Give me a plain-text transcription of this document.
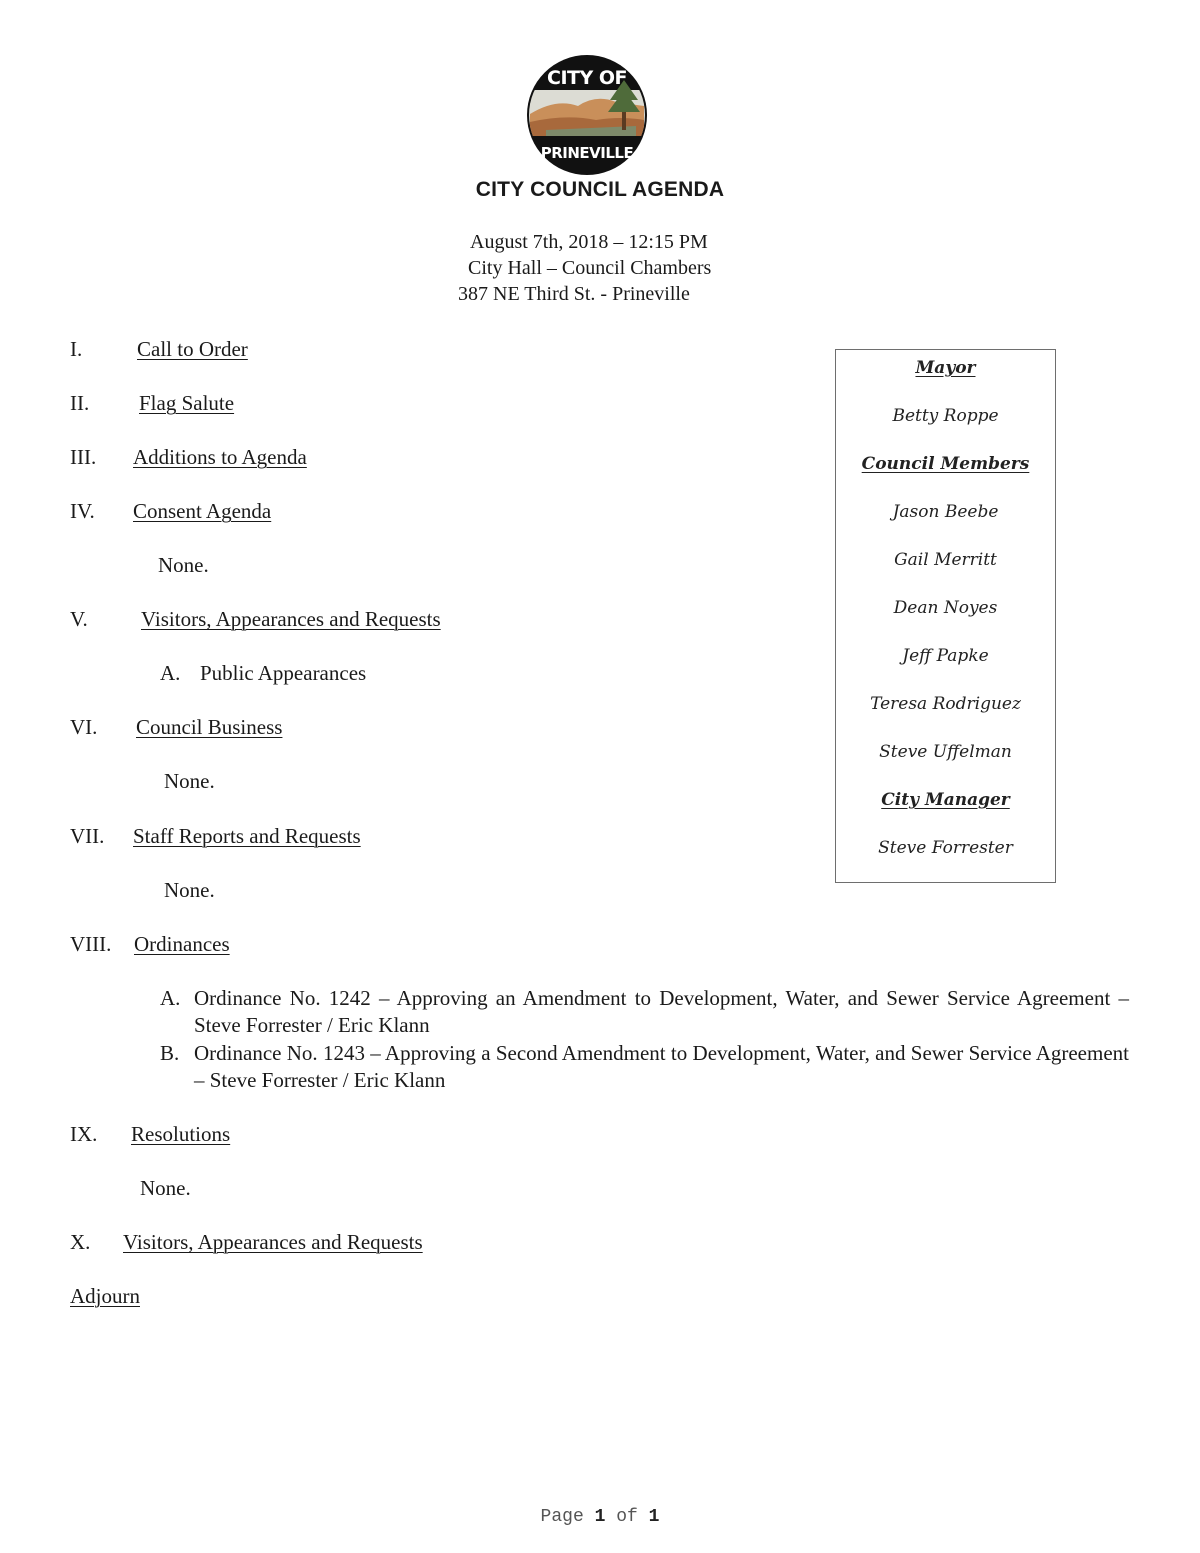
CITY OF
PRINEVILLE
CITY COUNCIL AGENDA
August 7th, 2018 – 12:15 PM
City Hall – Council Chambers
387 NE Third St. - Prineville
I.	Call to Order
II. Flag Salute
III. Additions to Agenda
IV. Consent Agenda
None.
V.	Visitors, Appearances and Requests
A. Public Appearances
VI. Council Business
None.
VII. Staff Reports and Requests
None.
VIII. Ordinances
A. Ordinance No. 1242 – Approving an Amendment to Development, Water, and Sewer Service Agreement – Steve Forrester / Eric Klann
B. Ordinance No. 1243 – Approving a Second Amendment to Development, Water, and Sewer Service Agreement – Steve Forrester / Eric Klann
IX. Resolutions
None.
X. Visitors, Appearances and Requests
Adjourn
Mayor
Betty Roppe
Council Members
Jason Beebe
Gail Merritt
Dean Noyes
Jeff Papke
Teresa Rodriguez
Steve Uffelman
City Manager
Steve Forrester
Page 1 of 1
